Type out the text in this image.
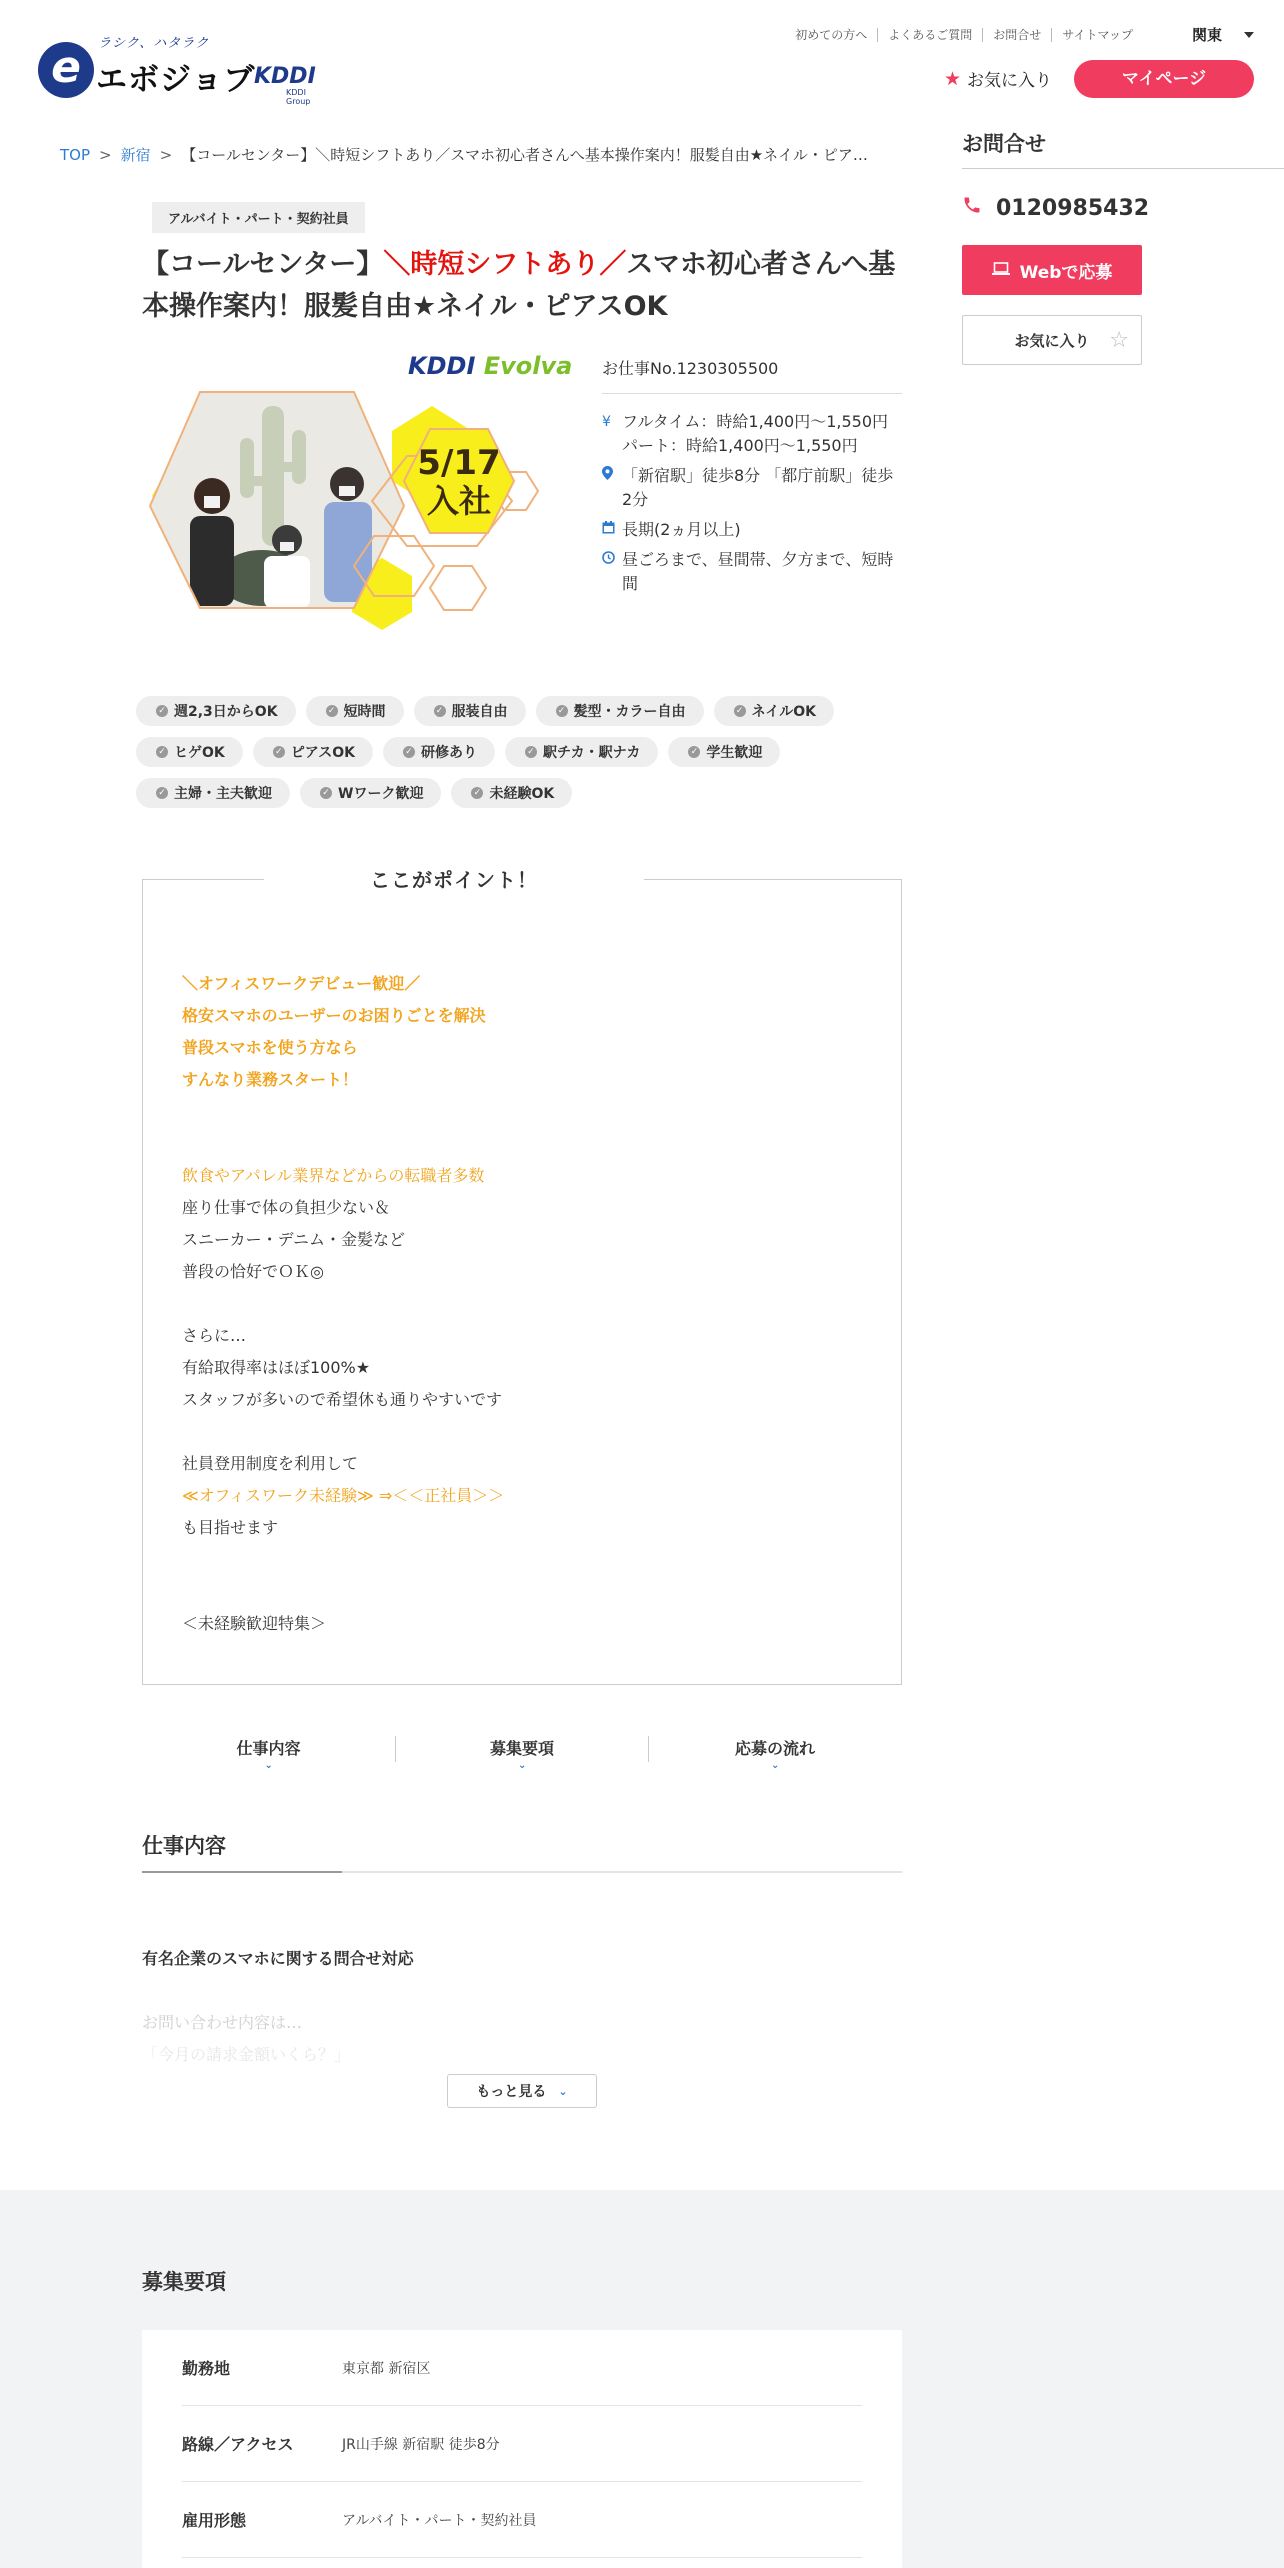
ラシク、ハタラク
e エボジョブ
KDDI
KDDI Group
初めての方へ	よくあるご質問	お問合せ	サイトマップ	関東
★ お気に入り	マイページ
TOP > 新宿 > 【コールセンター】＼時短シフトあり／スマホ初心者さんへ基本操作案内！服髪自由★ネイル・ピア…	お問合せ
0120985432
Webで応募
お気に入り ☆
アルバイト・パート・契約社員
【コールセンター】＼時短シフトあり／スマホ初心者さんへ基本操作案内！服髪自由★ネイル・ピアスOK
KDDI Evolva
5/17
入社
お仕事No.1230305500
¥ フルタイム：時給1,400円～1,550円
パート：時給1,400円～1,550円
「新宿駅」徒歩8分 「都庁前駅」徒歩2分
長期(2ヵ月以上)
昼ごろまで、昼間帯、夕方まで、短時間
✓ 週2,3日からOK	✓ 短時間	✓ 服装自由	✓ 髪型・カラー自由	✓ ネイルOK
✓ ヒゲOK	✓ ピアスOK	✓ 研修あり	✓ 駅チカ・駅ナカ	✓ 学生歓迎
✓ 主婦・主夫歓迎	✓ Wワーク歓迎	✓ 未経験OK
ここがポイント！
＼オフィスワークデビュー歓迎／
格安スマホのユーザーのお困りごとを解決
普段スマホを使う方なら
すんなり業務スタート！
飲食やアパレル業界などからの転職者多数
座り仕事で体の負担少ない＆
スニーカー・デニム・金髪など
普段の恰好でＯＫ◎
さらに…
有給取得率はほぼ100%★
スタッフが多いので希望休も通りやすいです
社員登用制度を利用して
≪オフィスワーク未経験≫ ⇒＜＜正社員＞＞
も目指せます
＜未経験歓迎特集＞
仕事内容
⌄
募集要項
⌄
応募の流れ
⌄
仕事内容
有名企業のスマホに関する問合せ対応
お問い合わせ内容は…
「今月の請求金額いくら？」
もっと見る ⌄
募集要項
勤務地	東京都 新宿区
路線／アクセス	JR山手線 新宿駅 徒歩8分
雇用形態	アルバイト・パート・契約社員
